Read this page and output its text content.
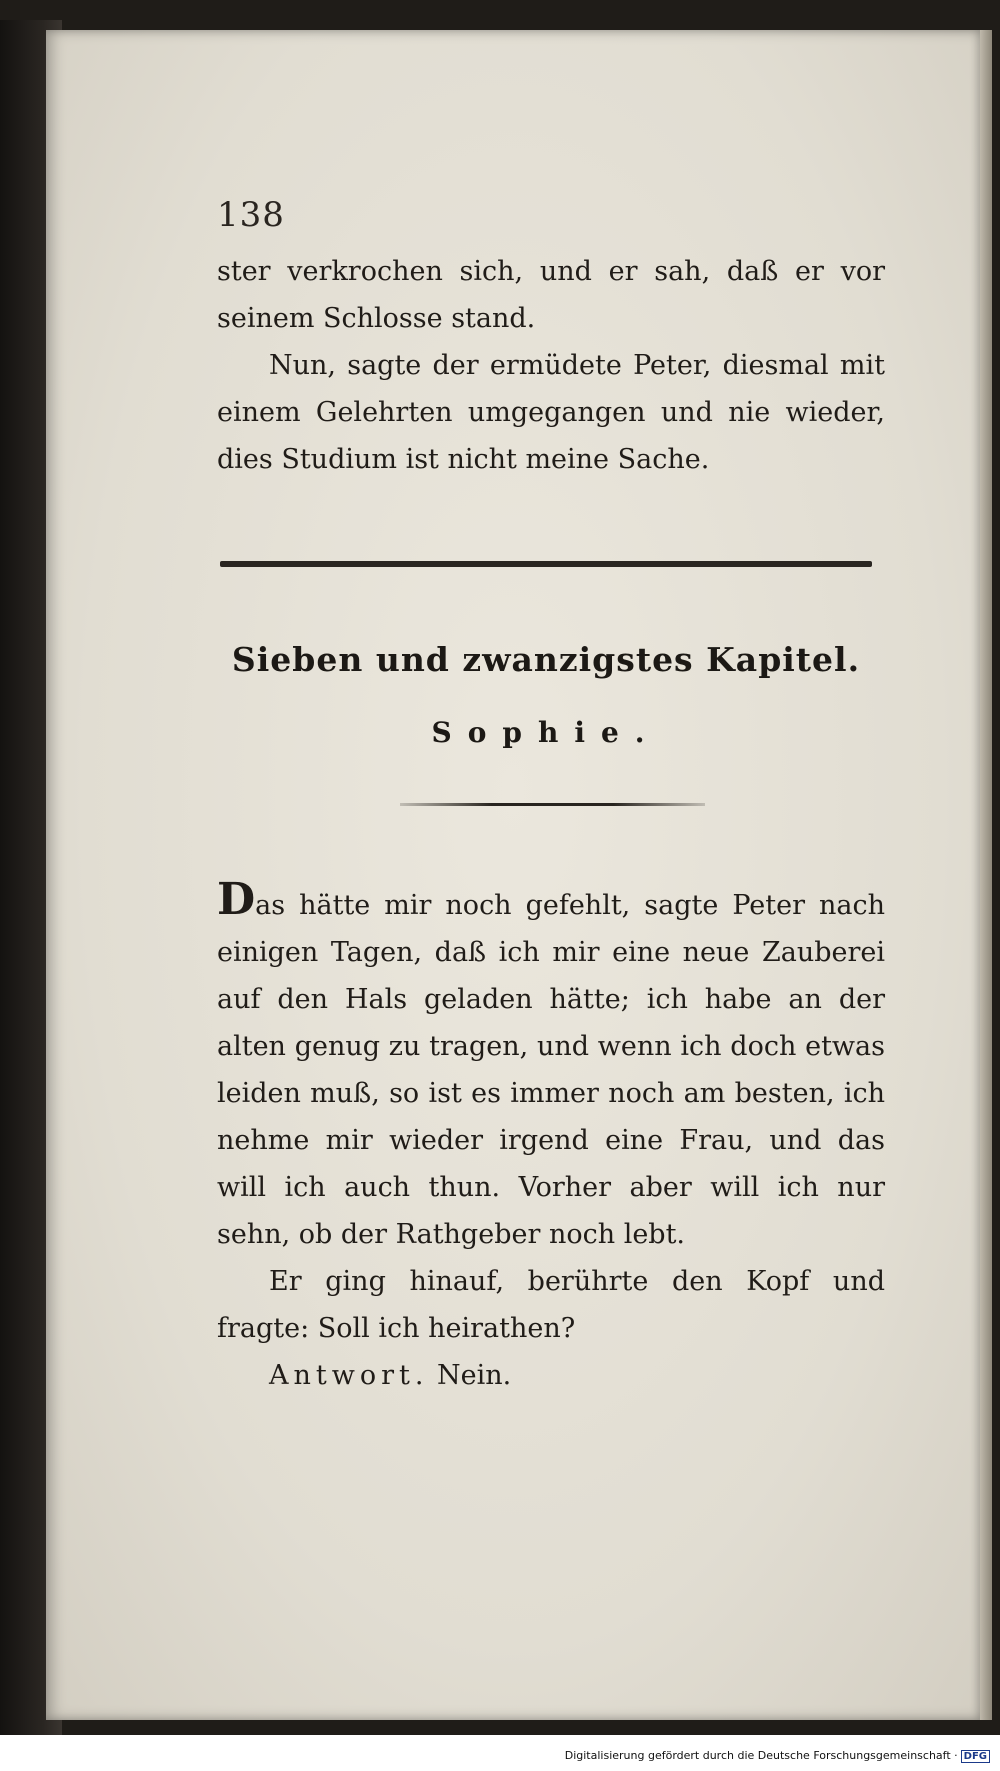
138

ster verkrochen sich, und er sah, daß er vor seinem Schlosse stand.

Nun, sagte der ermüdete Peter, diesmal mit einem Gelehrten umgegangen und nie wieder, dies Studium ist nicht meine Sache.

Sieben und zwanzigstes Kapitel.
Sophie.

Das hätte mir noch gefehlt, sagte Peter nach einigen Tagen, daß ich mir eine neue Zauberei auf den Hals geladen hätte; ich habe an der alten genug zu tragen, und wenn ich doch etwas leiden muß, so ist es immer noch am besten, ich nehme mir wieder irgend eine Frau, und das will ich auch thun. Vorher aber will ich nur sehn, ob der Rathgeber noch lebt.

Er ging hinauf, berührte den Kopf und fragte: Soll ich heirathen?

Antwort. Nein.

Digitalisierung gefördert durch die Deutsche Forschungsgemeinschaft · DFG
